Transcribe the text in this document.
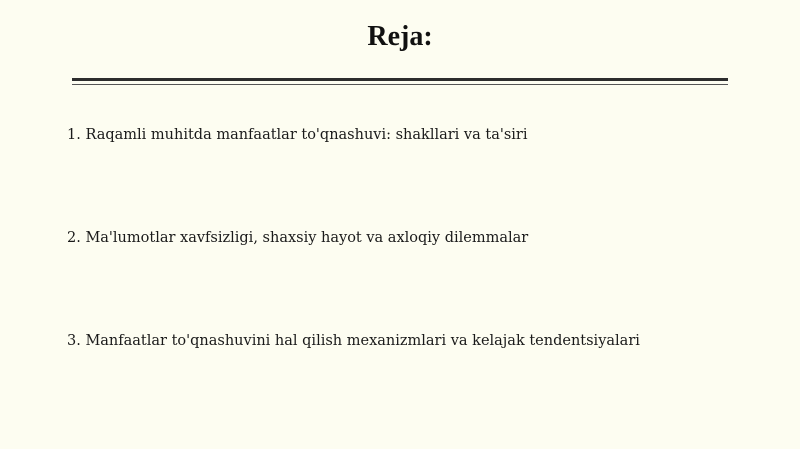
Reja:
1. Raqamli muhitda manfaatlar to'qnashuvi: shakllari va ta'siri
2. Ma'lumotlar xavfsizligi, shaxsiy hayot va axloqiy dilemmalar
3. Manfaatlar to'qnashuvini hal qilish mexanizmlari va kelajak tendentsiyalari
